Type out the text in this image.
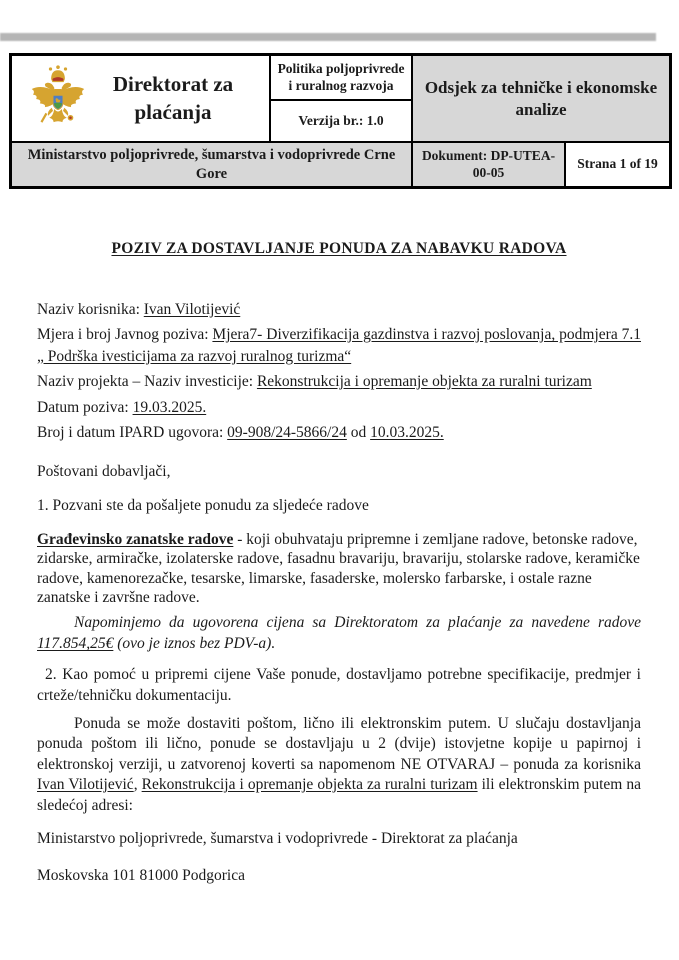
Direktorat za plaćanja
Politika poljoprivrede i ruralnog razvoja
Verzija br.: 1.0
Odsjek za tehničke i ekonomske analize
Ministarstvo poljoprivrede, šumarstva i vodoprivrede Crne Gore
Dokument: DP-UTEA-00-05
Strana 1 of 19

POZIV ZA DOSTAVLJANJE PONUDA ZA NABAVKU RADOVA

Naziv korisnika: Ivan Vilotijević

Mjera i broj Javnog poziva: Mjera7- Diverzifikacija gazdinstva i razvoj poslovanja, podmjera 7.1 „ Podrška ivesticijama za razvoj ruralnog turizma“

Naziv projekta – Naziv investicije: Rekonstrukcija i opremanje objekta za ruralni turizam

Datum poziva: 19.03.2025.

Broj i datum IPARD ugovora: 09-908/24-5866/24 od 10.03.2025.

Poštovani dobavljači,

1. Pozvani ste da pošaljete ponudu za sljedeće radove

Građevinsko zanatske radove - koji obuhvataju pripremne i zemljane radove, betonske radove, zidarske, armiračke, izolaterske radove, fasadnu bravariju, bravariju, stolarske radove, keramičke radove, kamenorezačke, tesarske, limarske, fasaderske, molersko farbarske, i ostale razne zanatske i završne radove.

Napominjemo da ugovorena cijena sa Direktoratom za plaćanje za navedene radove 117.854,25€ (ovo je iznos bez PDV-a).

2. Kao pomoć u pripremi cijene Vaše ponude, dostavljamo potrebne specifikacije, predmjer i crteže/tehničku dokumentaciju.

Ponuda se može dostaviti poštom, lično ili elektronskim putem. U slučaju dostavljanja ponuda poštom ili lično, ponude se dostavljaju u 2 (dvije) istovjetne kopije u papirnoj i elektronskoj verziji, u zatvorenoj koverti sa napomenom NE OTVARAJ – ponuda za korisnika Ivan Vilotijević, Rekonstrukcija i opremanje objekta za ruralni turizam ili elektronskim putem na sledećoj adresi:

Ministarstvo poljoprivrede, šumarstva i vodoprivrede - Direktorat za plaćanja

Moskovska 101 81000 Podgorica
